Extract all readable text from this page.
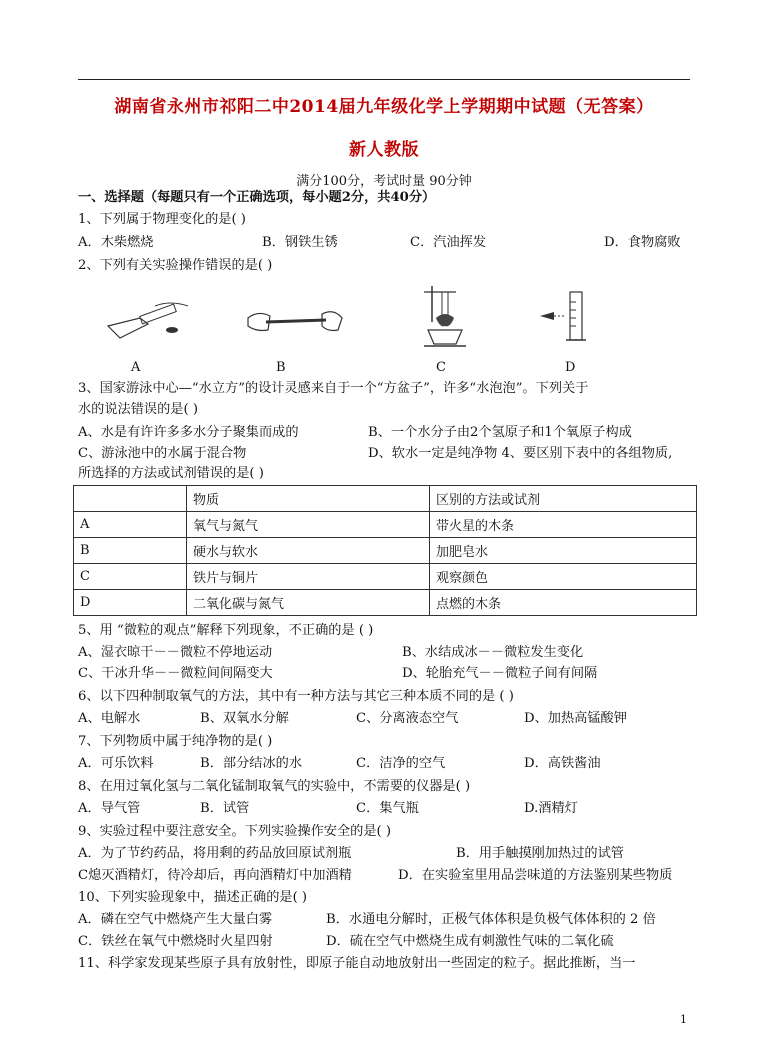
湖南省永州市祁阳二中2014届九年级化学上学期期中试题（无答案）
新人教版
满分100分，考试时量 90分钟
一、选择题（每题只有一个正确选项，每小题2分，共40分）
1、下列属于物理变化的是( )
A．木柴燃烧	B．钢铁生锈	C．汽油挥发	D．食物腐败
2、下列有关实验操作错误的是( )
A	B	C	D
3、国家游泳中心—“水立方”的设计灵感来自于一个“方盆子”，许多“水泡泡”。下列关于
水的说法错误的是( )
A、水是有许许多多水分子聚集而成的	B、一个水分子由2个氢原子和1个氧原子构成
C、游泳池中的水属于混合物	D、软水一定是纯净物 4、要区别下表中的各组物质,
所选择的方法或试剂错误的是( )
	物质	区别的方法或试剂
A	氧气与氮气	带火星的木条
B	硬水与软水	加肥皂水
C	铁片与铜片	观察颜色
D	二氧化碳与氮气	点燃的木条
5、用 “微粒的观点”解释下列现象，不正确的是 ( )
A、湿衣晾干－－微粒不停地运动	B、水结成冰－－微粒发生变化
C、干冰升华－－微粒间间隔变大	D、轮胎充气－－微粒子间有间隔
6、以下四种制取氧气的方法，其中有一种方法与其它三种本质不同的是 ( )
A、电解水	B、双氧水分解	C、分离液态空气	D、加热高锰酸钾
7、下列物质中属于纯净物的是( )
A．可乐饮料	B．部分结冰的水	C．洁净的空气	D．高铁酱油
8、在用过氧化氢与二氧化锰制取氧气的实验中，不需要的仪器是( )
A．导气管	B．试管	C．集气瓶	D.酒精灯
9、实验过程中要注意安全。下列实验操作安全的是( )
A．为了节约药品，将用剩的药品放回原试剂瓶	B．用手触摸刚加热过的试管
C熄灭酒精灯，待冷却后，再向酒精灯中加酒精	D．在实验室里用品尝味道的方法鉴别某些物质
10、下列实验现象中，描述正确的是( )
A．磷在空气中燃烧产生大量白雾	B．水通电分解时，正极气体体积是负极气体体积的 2 倍
C．铁丝在氧气中燃烧时火星四射	D．硫在空气中燃烧生成有刺激性气味的二氧化硫
11、科学家发现某些原子具有放射性，即原子能自动地放射出一些固定的粒子。据此推断，当一
1
